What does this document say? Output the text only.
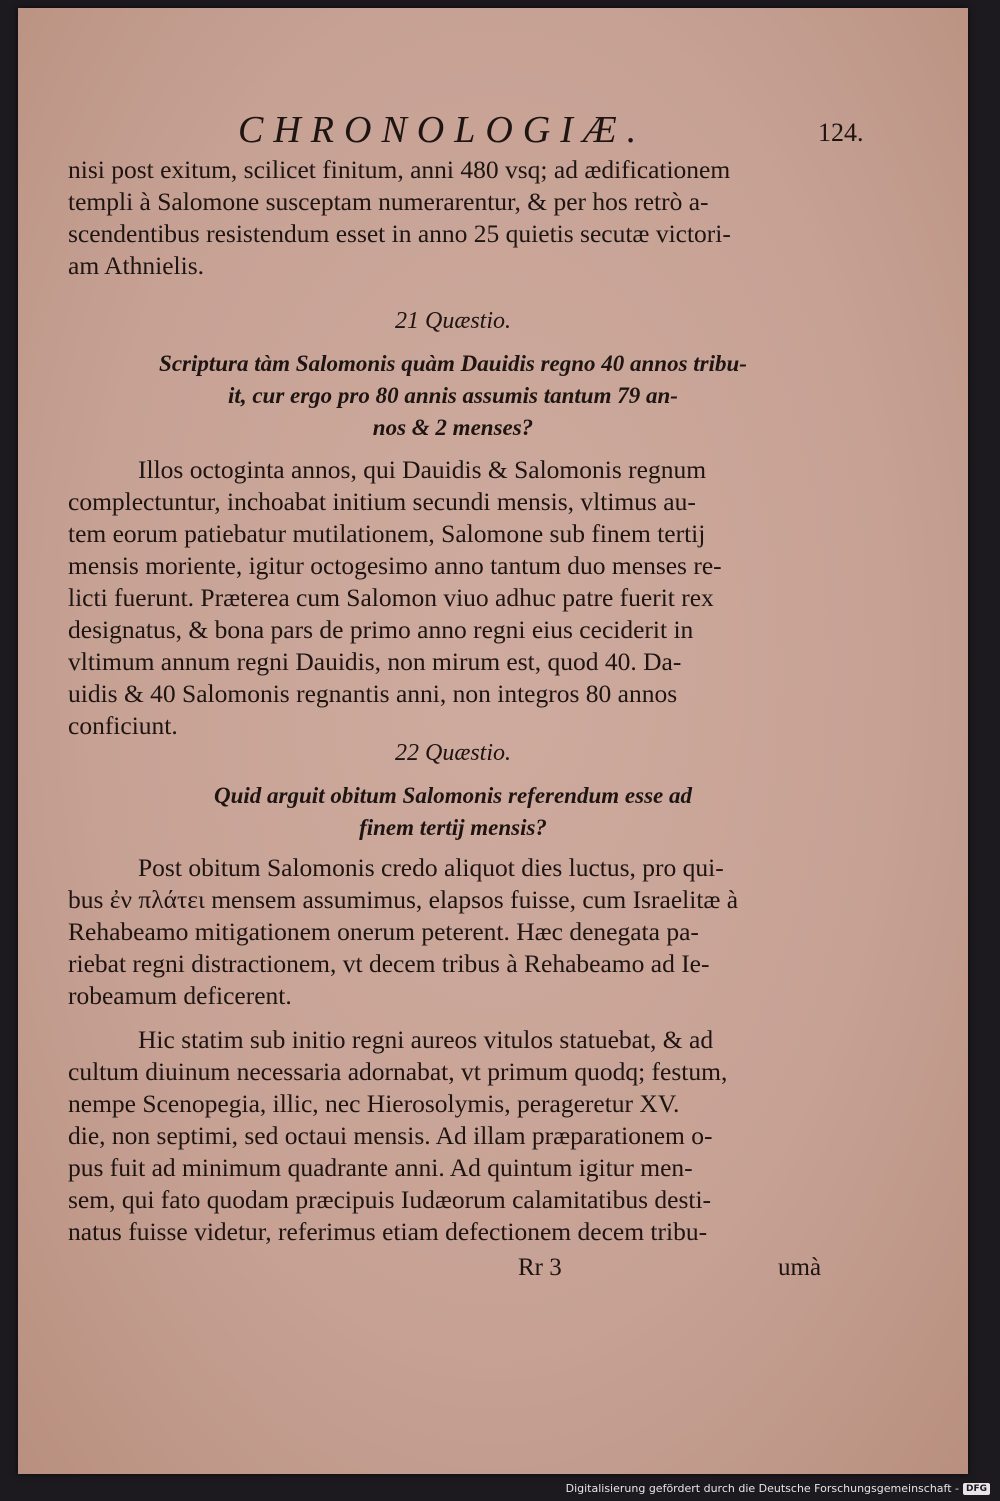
CHRONOLOGIÆ.	124.
nisi post exitum, scilicet finitum, anni 480 vsq; ad ædificationem
templi à Salomone susceptam numerarentur, & per hos retrò a-
scendentibus resistendum esset in anno 25 quietis secutæ victori-
am Athnielis.
21 Quæstio.
Scriptura tàm Salomonis quàm Dauidis regno 40 annos tribu-
it, cur ergo pro 80 annis assumis tantum 79 an-
nos & 2 menses?
Illos octoginta annos, qui Dauidis & Salomonis regnum
complectuntur, inchoabat initium secundi mensis, vltimus au-
tem eorum patiebatur mutilationem, Salomone sub finem tertij
mensis moriente, igitur octogesimo anno tantum duo menses re-
licti fuerunt. Præterea cum Salomon viuo adhuc patre fuerit rex
designatus, & bona pars de primo anno regni eius ceciderit in
vltimum annum regni Dauidis, non mirum est, quod 40. Da-
uidis & 40 Salomonis regnantis anni, non integros 80 annos
conficiunt.
22 Quæstio.
Quid arguit obitum Salomonis referendum esse ad
finem tertij mensis?
Post obitum Salomonis credo aliquot dies luctus, pro qui-
bus ἐν πλάτει mensem assumimus, elapsos fuisse, cum Israelitæ à
Rehabeamo mitigationem onerum peterent. Hæc denegata pa-
riebat regni distractionem, vt decem tribus à Rehabeamo ad Ie-
robeamum deficerent.
Hic statim sub initio regni aureos vitulos statuebat, & ad
cultum diuinum necessaria adornabat, vt primum quodq; festum,
nempe Scenopegia, illic, nec Hierosolymis, perageretur XV.
die, non septimi, sed octaui mensis. Ad illam præparationem o-
pus fuit ad minimum quadrante anni. Ad quintum igitur men-
sem, qui fato quodam præcipuis Iudæorum calamitatibus desti-
natus fuisse videtur, referimus etiam defectionem decem tribu-
Rr 3	umà
Digitalisierung gefördert durch die Deutsche Forschungsgemeinschaft - DFG
